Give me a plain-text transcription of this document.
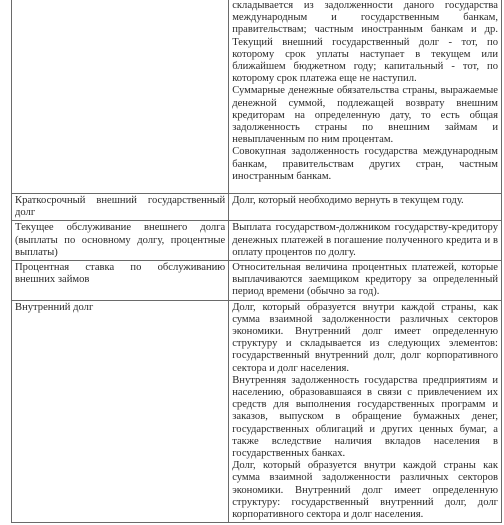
	складывается из задолженности даного государства международным и государственным банкам, правительствам; частным иностранным банкам и др. Текущий внешний государственный долг - тот, по которому срок уплаты наступает в текущем или ближайшем бюджетном году; капитальный - тот, по которому срок платежа еще не наступил.

Суммарные денежные обязательства страны, выражаемые денежной суммой, подлежащей возврату внешним кредиторам на определенную дату, то есть общая задолженность страны по внешним займам и невыплаченным по ним процентам.

Совокупная задолженность государства международным банкам, правительствам других стран, частным иностранным банкам.

Краткосрочный внешний государственный долг	Долг, который необходимо вернуть в текущем году.

Текущее обслуживание внешнего долга (выплаты по основному долгу, процентные выплаты)	Выплата государством-должником государству-кредитору денежных платежей в погашение полученного кредита и в оплату процентов по долгу.

Процентная ставка по обслуживанию внешних займов	Относительная величина процентных платежей, которые выплачиваются заемщиком кредитору за определенный период времени (обычно за год).

Внутренний долг	Долг, который образуется внутри каждой страны, как сумма взаимной задолженности различных секторов экономики. Внутренний долг имеет определенную структуру и складывается из следующих элементов: государственный внутренний долг, долг корпоративного сектора и долг населения.

Внутренняя задолженность государства предприятиям и населению, образовавшаяся в связи с привлечением их средств для выполнения государственных программ и заказов, выпуском в обращение бумажных денег, государственных облигаций и других ценных бумаг, а также вследствие наличия вкладов населения в государственных банках.

Долг, который образуется внутри каждой страны как сумма взаимной задолженности различных секторов экономики. Внутренний долг имеет определенную структуру: государственный внутренний долг, долг корпоративного сектора и долг населения.
